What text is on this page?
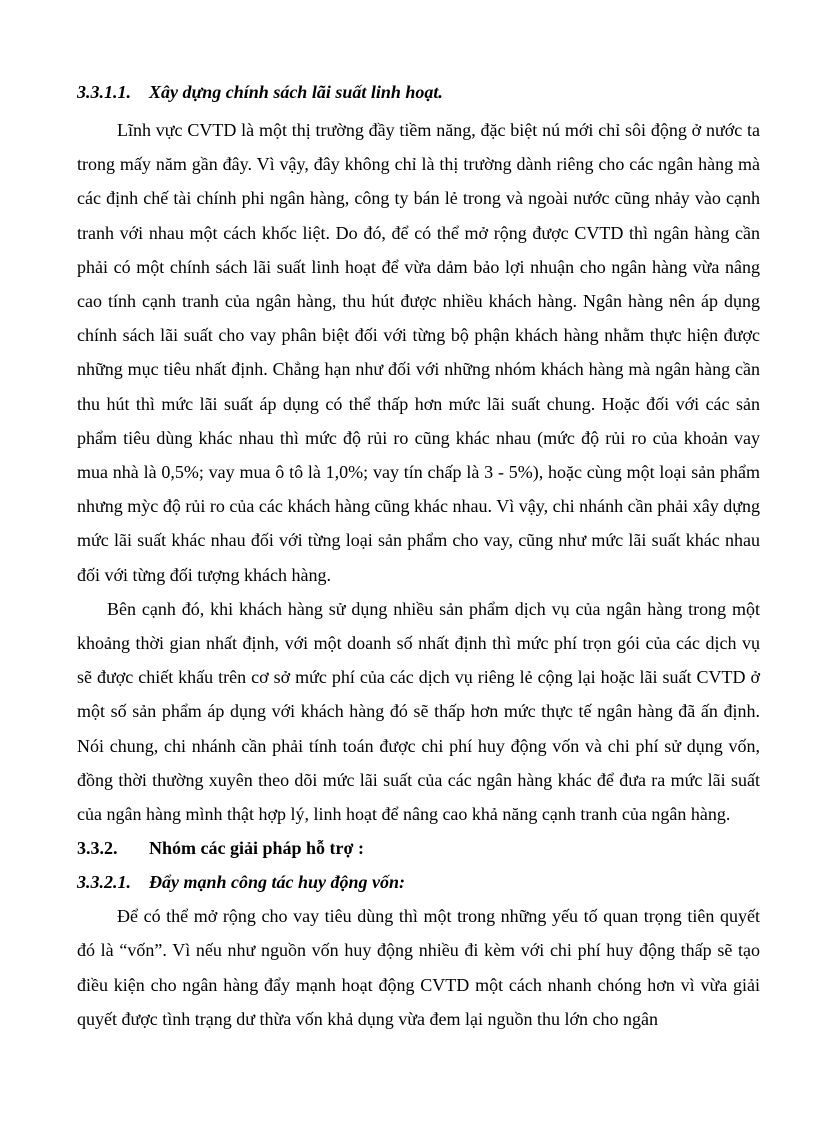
3.3.1.1. Xây dựng chính sách lãi suất linh hoạt.

Lĩnh vực CVTD là một thị trường đầy tiềm năng, đặc biệt nú mới chỉ sôi động ở nước ta trong mấy năm gần đây. Vì vậy, đây không chỉ là thị trường dành riêng cho các ngân hàng mà các định chế tài chính phi ngân hàng, công ty bán lẻ trong và ngoài nước cũng nhảy vào cạnh tranh với nhau một cách khốc liệt. Do đó, để có thể mở rộng được CVTD thì ngân hàng cần phải có một chính sách lãi suất linh hoạt để vừa dảm bảo lợi nhuận cho ngân hàng vừa nâng cao tính cạnh tranh của ngân hàng, thu hút được nhiều khách hàng. Ngân hàng nên áp dụng chính sách lãi suất cho vay phân biệt đối với từng bộ phận khách hàng nhằm thực hiện được những mục tiêu nhất định. Chẳng hạn như đối với những nhóm khách hàng mà ngân hàng cần thu hút thì mức lãi suất áp dụng có thể thấp hơn mức lãi suất chung. Hoặc đối với các sản phẩm tiêu dùng khác nhau thì mức độ rủi ro cũng khác nhau (mức độ rủi ro của khoản vay mua nhà là 0,5%; vay mua ô tô là 1,0%; vay tín chấp là 3 - 5%), hoặc cùng một loại sản phẩm nhưng mỳc độ rủi ro của các khách hàng cũng khác nhau. Vì vậy, chi nhánh cần phải xây dựng mức lãi suất khác nhau đối với từng loại sản phẩm cho vay, cũng như mức lãi suất khác nhau đối với từng đối tượng khách hàng.

Bên cạnh đó, khi khách hàng sử dụng nhiều sản phẩm dịch vụ của ngân hàng trong một khoảng thời gian nhất định, với một doanh số nhất định thì mức phí trọn gói của các dịch vụ sẽ được chiết khấu trên cơ sở mức phí của các dịch vụ riêng lẻ cộng lại hoặc lãi suất CVTD ở một số sản phẩm áp dụng với khách hàng đó sẽ thấp hơn mức thực tế ngân hàng đã ấn định. Nói chung, chi nhánh cần phải tính toán được chi phí huy động vốn và chi phí sử dụng vốn, đồng thời thường xuyên theo dõi mức lãi suất của các ngân hàng khác để đưa ra mức lãi suất của ngân hàng mình thật hợp lý, linh hoạt để nâng cao khả năng cạnh tranh của ngân hàng.

3.3.2. Nhóm các giải pháp hỗ trợ :
3.3.2.1. Đẩy mạnh công tác huy động vốn:

Để có thể mở rộng cho vay tiêu dùng thì một trong những yếu tố quan trọng tiên quyết đó là “vốn”. Vì nếu như nguồn vốn huy động nhiều đi kèm với chi phí huy động thấp sẽ tạo điều kiện cho ngân hàng đẩy mạnh hoạt động CVTD một cách nhanh chóng hơn vì vừa giải quyết được tình trạng dư thừa vốn khả dụng vừa đem lại nguồn thu lớn cho ngân
